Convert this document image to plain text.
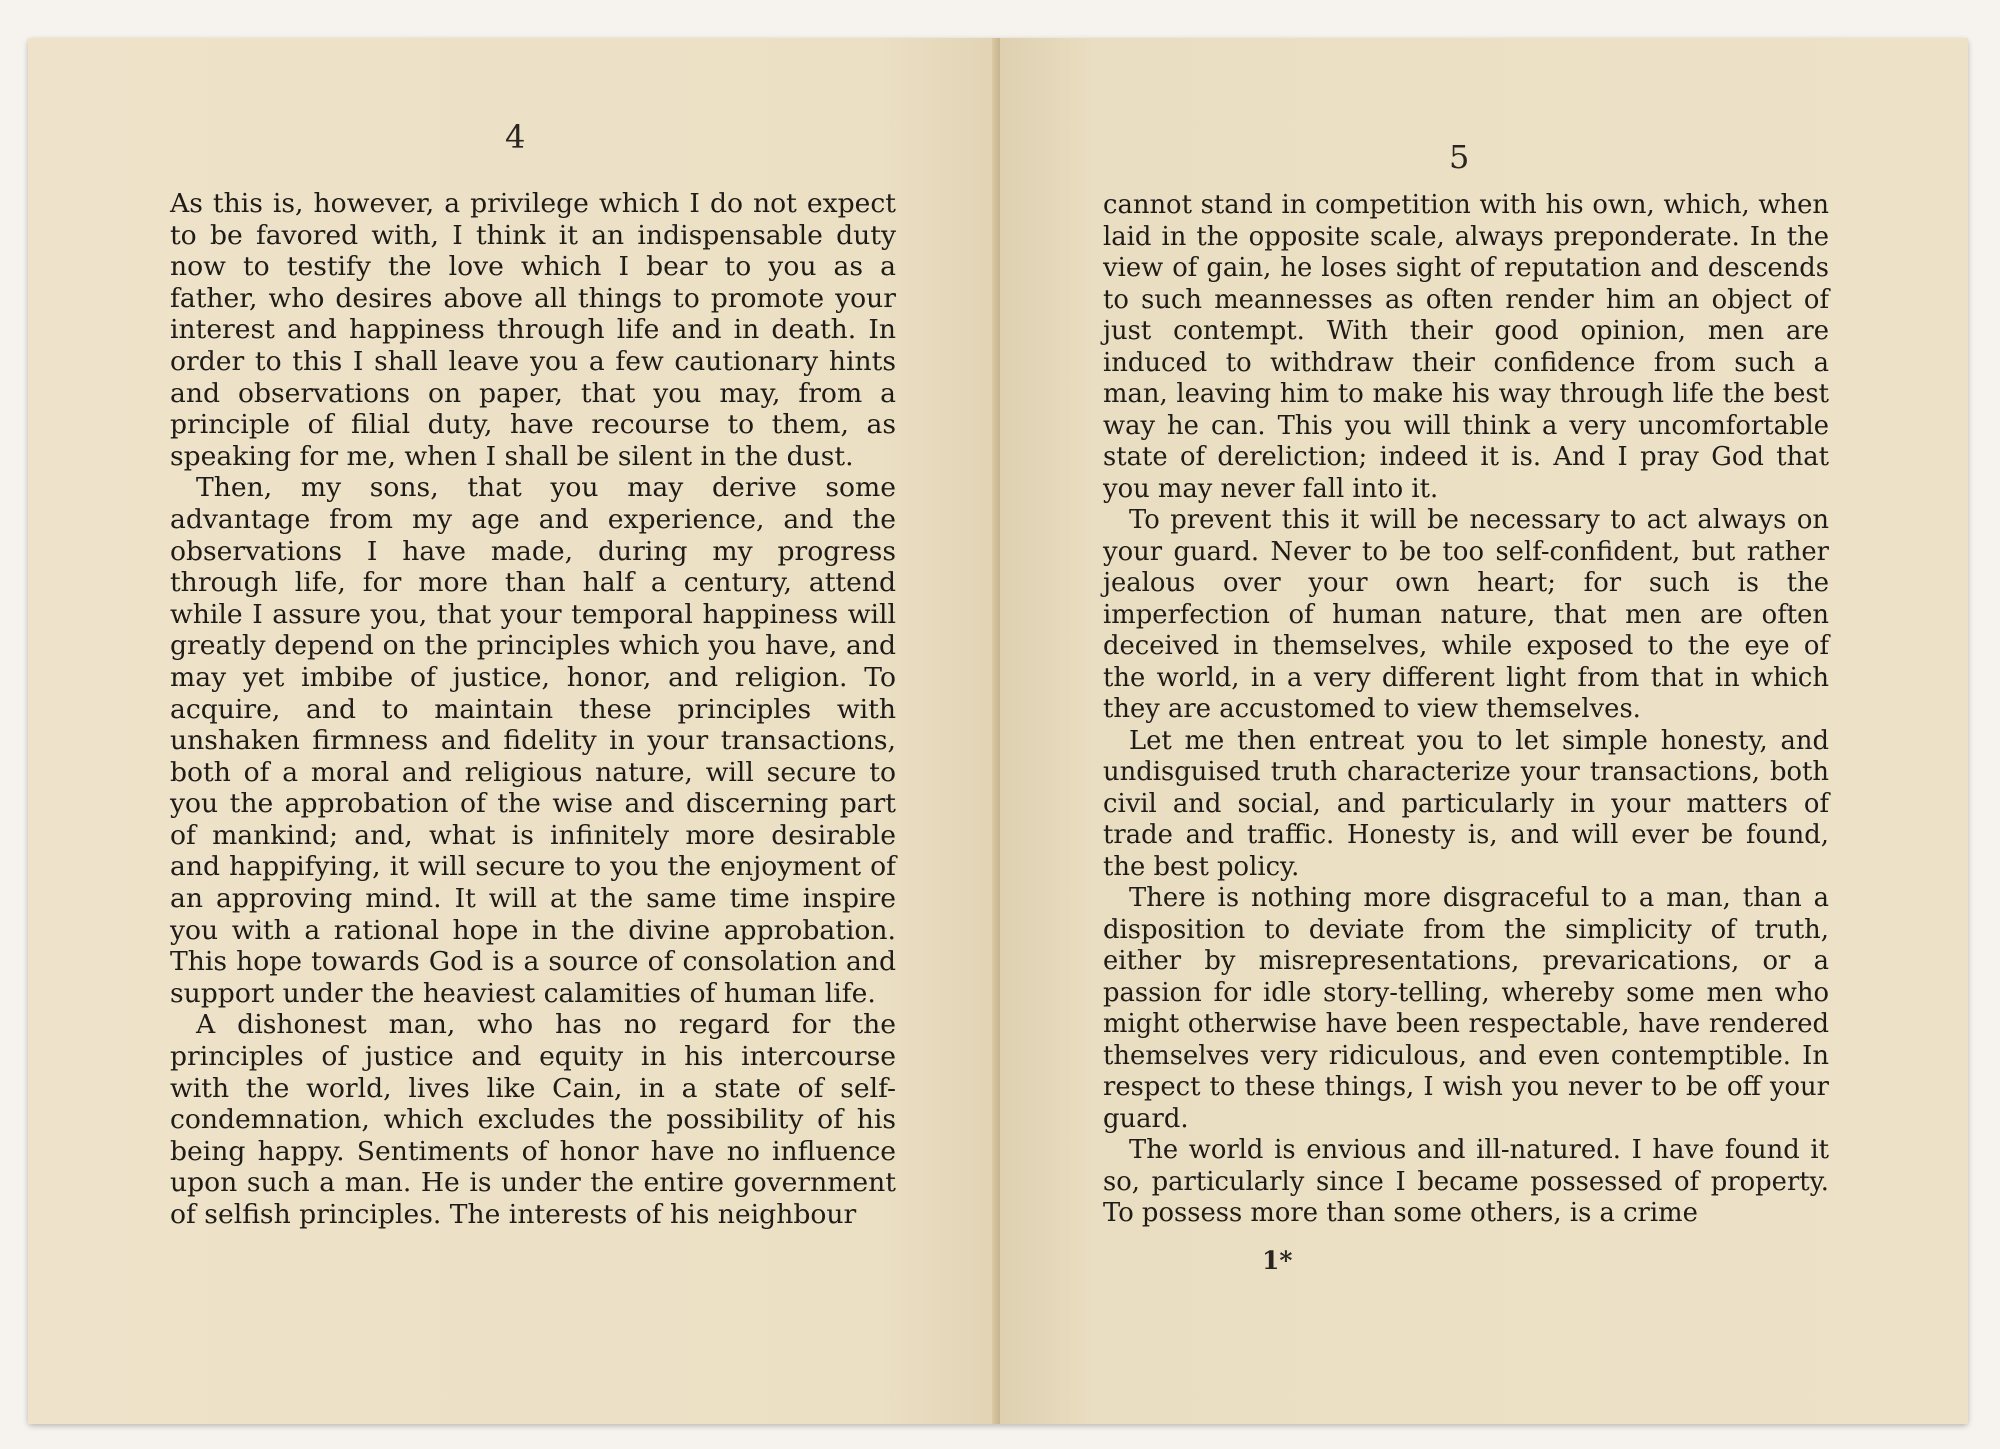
4

As this is, however, a privilege which I do not expect to be favored with, I think it an indispensable duty now to testify the love which I bear to you as a father, who desires above all things to promote your interest and happiness through life and in death. In order to this I shall leave you a few cautionary hints and observations on paper, that you may, from a principle of filial duty, have recourse to them, as speaking for me, when I shall be silent in the dust.

Then, my sons, that you may derive some advantage from my age and experience, and the observations I have made, during my progress through life, for more than half a century, attend while I assure you, that your temporal happiness will greatly depend on the principles which you have, and may yet imbibe of justice, honor, and religion. To acquire, and to maintain these principles with unshaken firmness and fidelity in your transactions, both of a moral and religious nature, will secure to you the approbation of the wise and discerning part of mankind; and, what is infinitely more desirable and happifying, it will secure to you the enjoyment of an approving mind. It will at the same time inspire you with a rational hope in the divine approbation. This hope towards God is a source of consolation and support under the heaviest calamities of human life.

A dishonest man, who has no regard for the principles of justice and equity in his intercourse with the world, lives like Cain, in a state of self-condemnation, which excludes the possibility of his being happy. Sentiments of honor have no influence upon such a man. He is under the entire government of selfish principles. The interests of his neighbour

5

cannot stand in competition with his own, which, when laid in the opposite scale, always preponderate. In the view of gain, he loses sight of reputation and descends to such meannesses as often render him an object of just contempt. With their good opinion, men are induced to withdraw their confidence from such a man, leaving him to make his way through life the best way he can. This you will think a very uncomfortable state of dereliction; indeed it is. And I pray God that you may never fall into it.

To prevent this it will be necessary to act always on your guard. Never to be too self-confident, but rather jealous over your own heart; for such is the imperfection of human nature, that men are often deceived in themselves, while exposed to the eye of the world, in a very different light from that in which they are accustomed to view themselves.

Let me then entreat you to let simple honesty, and undisguised truth characterize your transactions, both civil and social, and particularly in your matters of trade and traffic. Honesty is, and will ever be found, the best policy.

There is nothing more disgraceful to a man, than a disposition to deviate from the simplicity of truth, either by misrepresentations, prevarications, or a passion for idle story-telling, whereby some men who might otherwise have been respectable, have rendered themselves very ridiculous, and even contemptible. In respect to these things, I wish you never to be off your guard.

The world is envious and ill-natured. I have found it so, particularly since I became possessed of property. To possess more than some others, is a crime

1*
